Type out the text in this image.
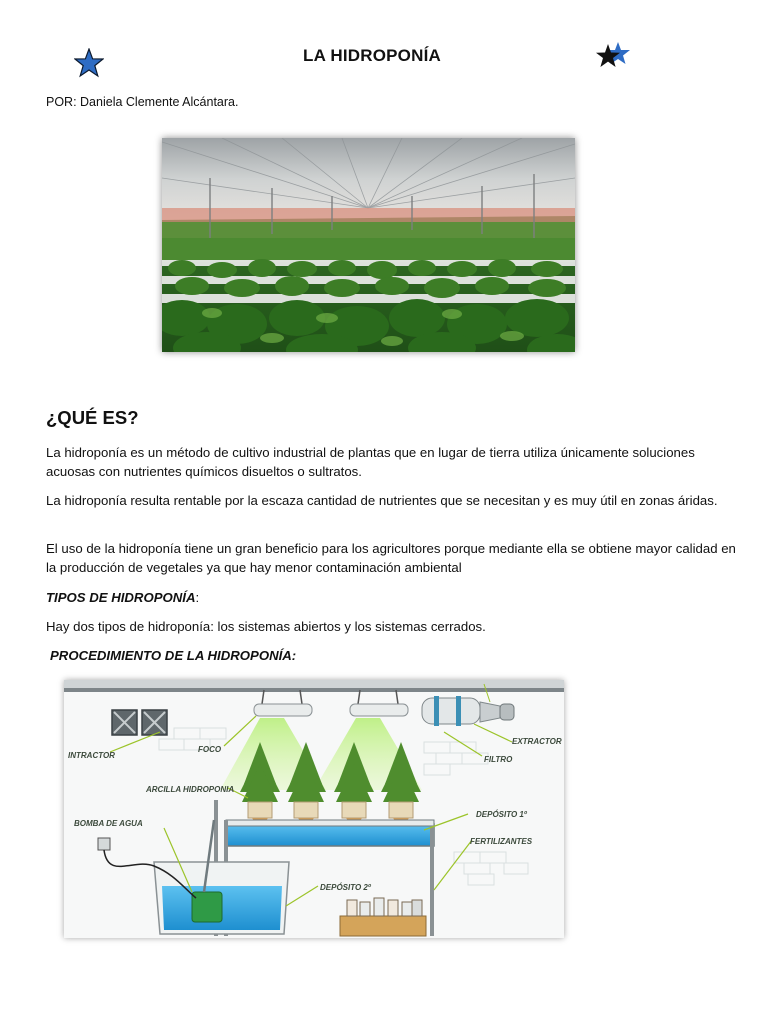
LA HIDROPONÍA
POR: Daniela Clemente Alcántara.
¿QUÉ ES?

La hidroponía es un método de cultivo industrial de plantas que en lugar de tierra utiliza únicamente soluciones acuosas con nutrientes químicos disueltos o sultratos.

La hidroponía resulta rentable por la escaza cantidad de nutrientes que se necesitan y es muy útil en zonas áridas.

El uso de la hidroponía tiene un gran beneficio para los agricultores porque mediante ella se obtiene mayor calidad en la producción de vegetales ya que hay menor contaminación ambiental

TIPOS DE HIDROPONÍA:

Hay dos tipos de hidroponía: los sistemas abiertos y los sistemas cerrados.

PROCEDIMIENTO DE LA HIDROPONÍA:

INTRACTOR
FOCO
EXTRACTOR
FILTRO
ARCILLA HIDROPONIA
BOMBA DE AGUA
DEPÓSITO 1º
FERTILIZANTES
DEPÓSITO 2º
